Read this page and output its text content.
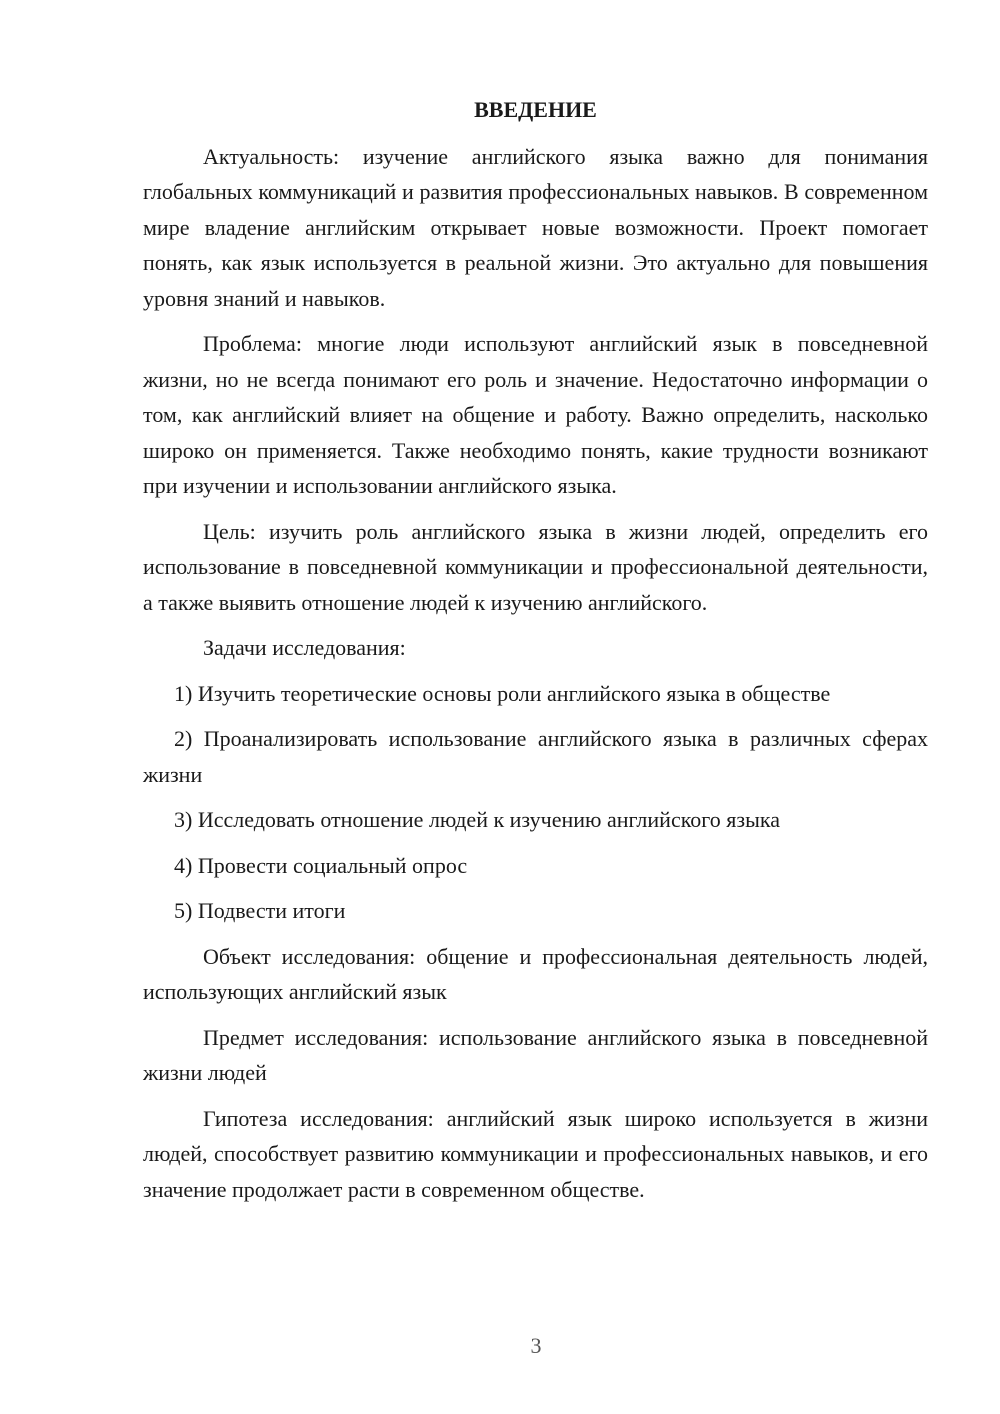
ВВЕДЕНИЕ

Актуальность: изучение английского языка важно для понимания глобальных коммуникаций и развития профессиональных навыков. В современном мире владение английским открывает новые возможности. Проект помогает понять, как язык используется в реальной жизни. Это актуально для повышения уровня знаний и навыков.

Проблема: многие люди используют английский язык в повседневной жизни, но не всегда понимают его роль и значение. Недостаточно информации о том, как английский влияет на общение и работу. Важно определить, насколько широко он применяется. Также необходимо понять, какие трудности возникают при изучении и использовании английского языка.

Цель: изучить роль английского языка в жизни людей, определить его использование в повседневной коммуникации и профессиональной деятельности, а также выявить отношение людей к изучению английского.

Задачи исследования:

1) Изучить теоретические основы роли английского языка в обществе

2) Проанализировать использование английского языка в различных сферах жизни

3) Исследовать отношение людей к изучению английского языка

4) Провести социальный опрос

5) Подвести итоги

Объект исследования: общение и профессиональная деятельность людей, использующих английский язык

Предмет исследования: использование английского языка в повседневной жизни людей

Гипотеза исследования: английский язык широко используется в жизни людей, способствует развитию коммуникации и профессиональных навыков, и его значение продолжает расти в современном обществе.

3
